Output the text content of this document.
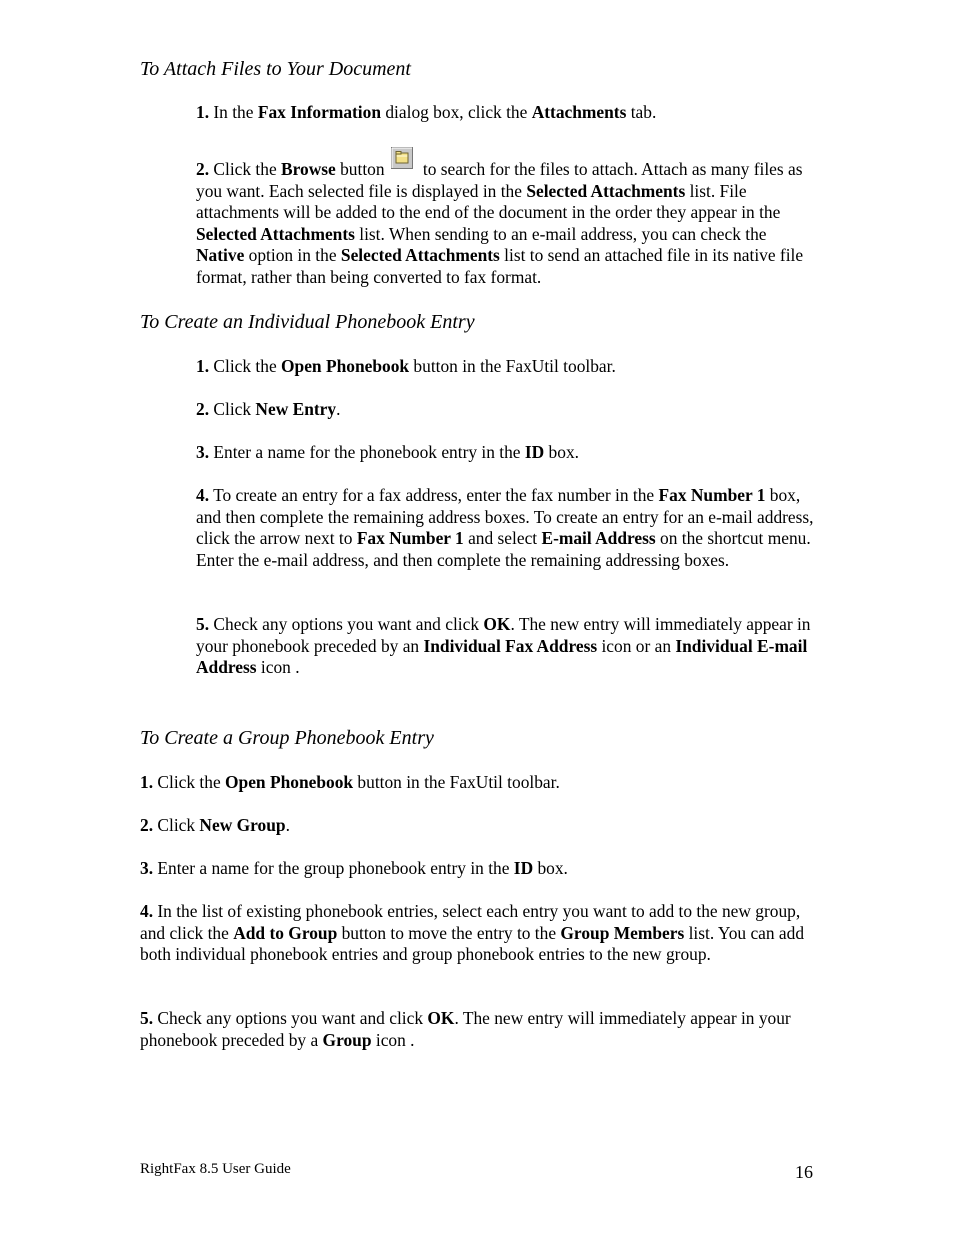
To Attach Files to Your Document

1. In the Fax Information dialog box, click the Attachments tab.

2. Click the Browse button to search for the files to attach. Attach as many files as you want. Each selected file is displayed in the Selected Attachments list. File attachments will be added to the end of the document in the order they appear in the Selected Attachments list. When sending to an e-mail address, you can check the Native option in the Selected Attachments list to send an attached file in its native file format, rather than being converted to fax format.

To Create an Individual Phonebook Entry

1. Click the Open Phonebook button in the FaxUtil toolbar.

2. Click New Entry.

3. Enter a name for the phonebook entry in the ID box.

4. To create an entry for a fax address, enter the fax number in the Fax Number 1 box, and then complete the remaining address boxes. To create an entry for an e-mail address, click the arrow next to Fax Number 1 and select E-mail Address on the shortcut menu. Enter the e-mail address, and then complete the remaining addressing boxes.

5. Check any options you want and click OK. The new entry will immediately appear in your phonebook preceded by an Individual Fax Address icon or an Individual E-mail Address icon .

To Create a Group Phonebook Entry

1. Click the Open Phonebook button in the FaxUtil toolbar.

2. Click New Group.

3. Enter a name for the group phonebook entry in the ID box.

4. In the list of existing phonebook entries, select each entry you want to add to the new group, and click the Add to Group button to move the entry to the Group Members list. You can add both individual phonebook entries and group phonebook entries to the new group.

5. Check any options you want and click OK. The new entry will immediately appear in your phonebook preceded by a Group icon .

RightFax 8.5 User Guide	16
